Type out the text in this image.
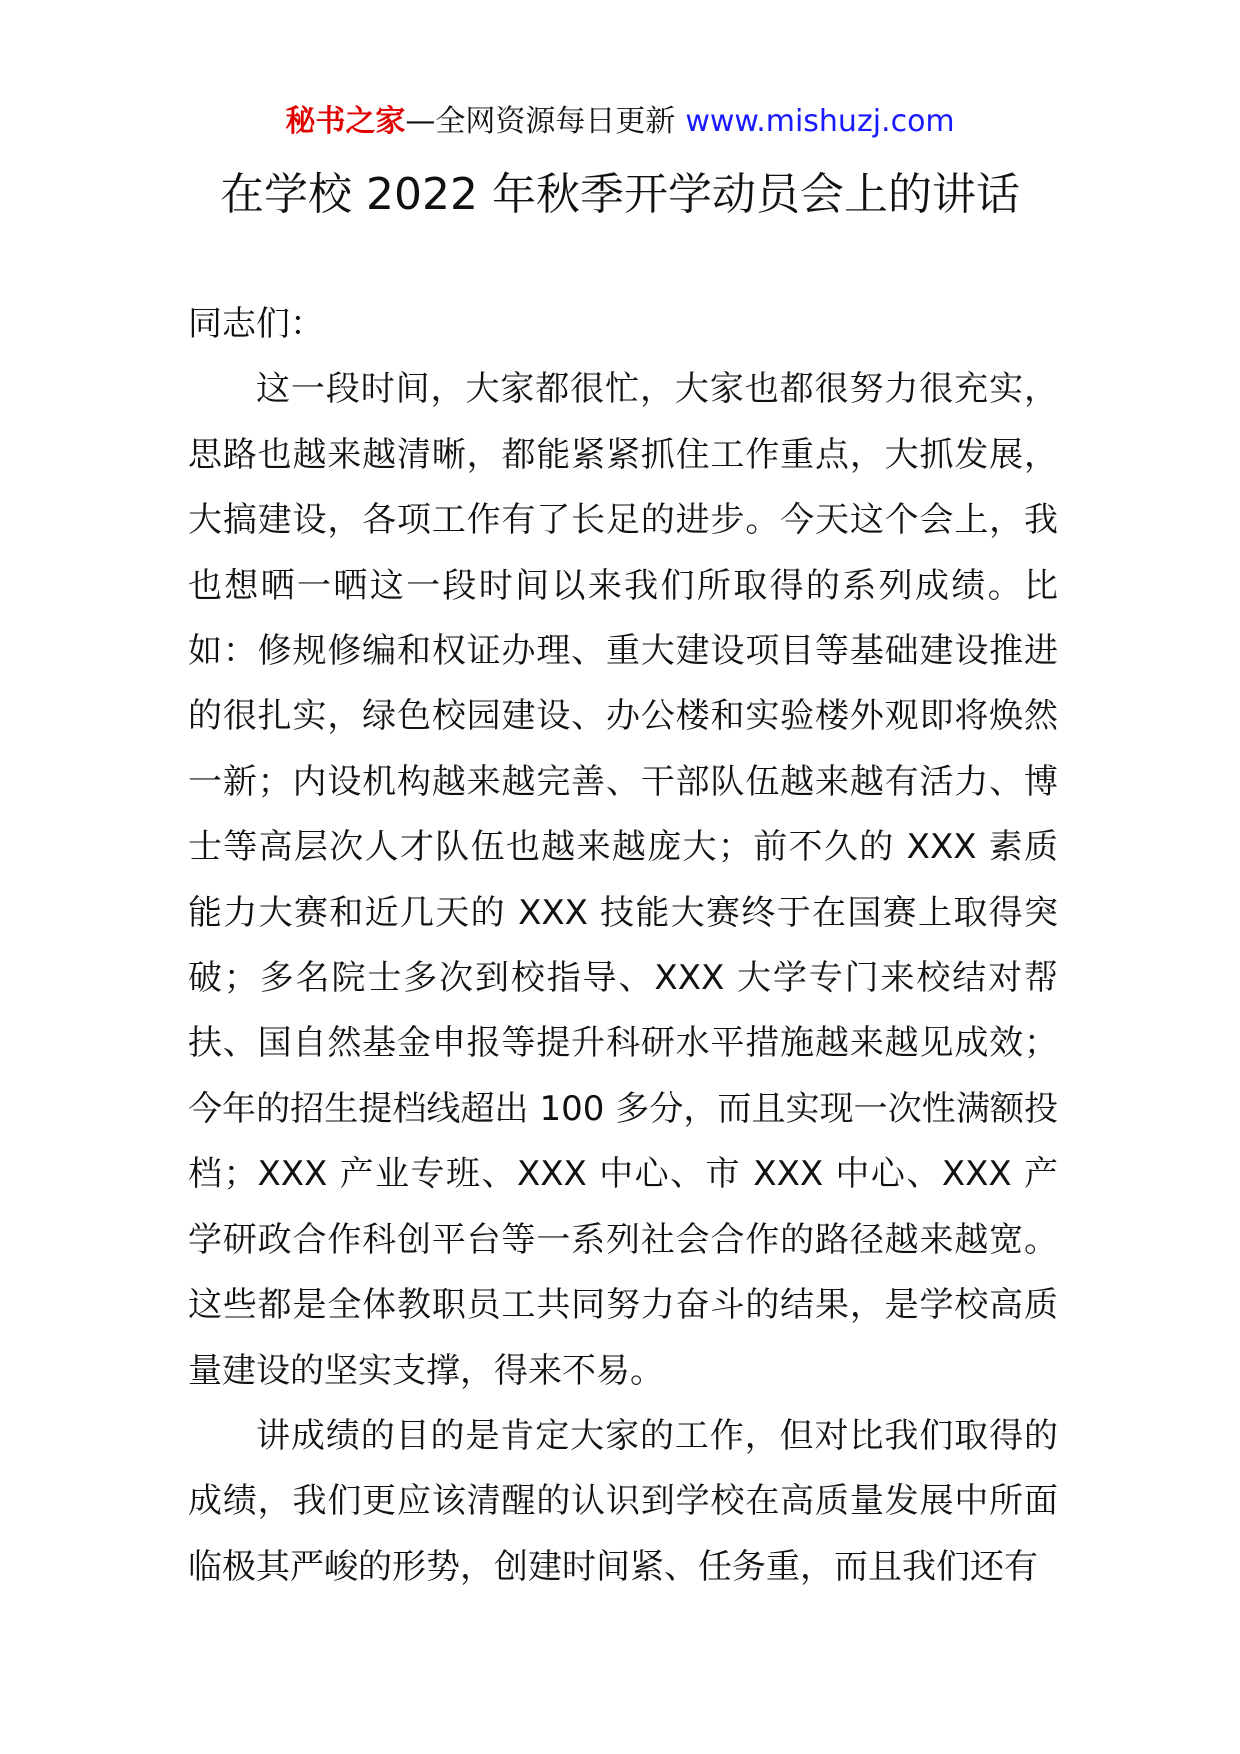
秘书之家—全网资源每日更新 www.mishuzj.com
在学校 2022 年秋季开学动员会上的讲话

同志们：

这一段时间，大家都很忙，大家也都很努力很充实，思路也越来越清晰，都能紧紧抓住工作重点，大抓发展，大搞建设，各项工作有了长足的进步。今天这个会上，我也想晒一晒这一段时间以来我们所取得的系列成绩。比如：修规修编和权证办理、重大建设项目等基础建设推进的很扎实，绿色校园建设、办公楼和实验楼外观即将焕然一新；内设机构越来越完善、干部队伍越来越有活力、博士等高层次人才队伍也越来越庞大；前不久的 XXX 素质能力大赛和近几天的 XXX 技能大赛终于在国赛上取得突破；多名院士多次到校指导、XXX 大学专门来校结对帮扶、国自然基金申报等提升科研水平措施越来越见成效；今年的招生提档线超出 100 多分，而且实现一次性满额投档；XXX 产业专班、XXX 中心、市 XXX 中心、XXX 产学研政合作科创平台等一系列社会合作的路径越来越宽。这些都是全体教职员工共同努力奋斗的结果，是学校高质量建设的坚实支撑，得来不易。

讲成绩的目的是肯定大家的工作，但对比我们取得的成绩，我们更应该清醒的认识到学校在高质量发展中所面临极其严峻的形势，创建时间紧、任务重，而且我们还有
